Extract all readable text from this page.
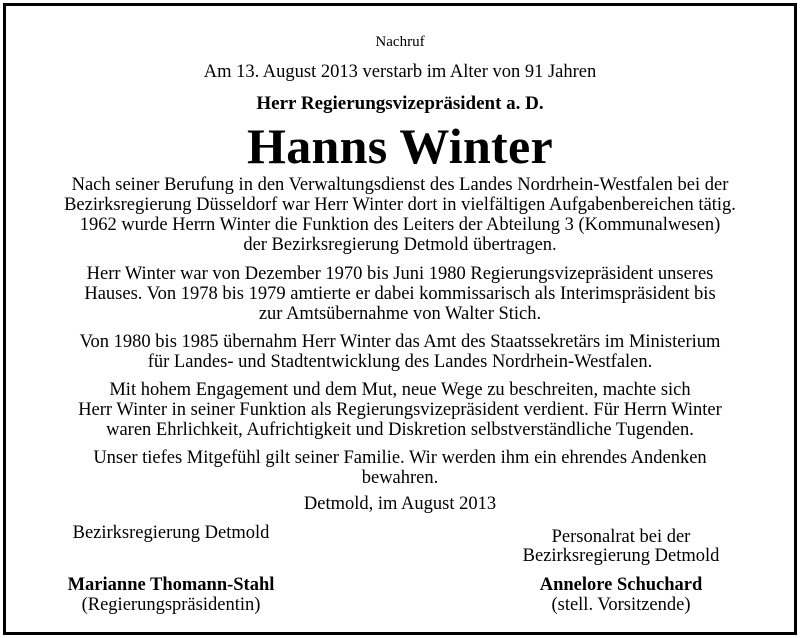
Nachruf
Am 13. August 2013 verstarb im Alter von 91 Jahren
Herr Regierungsvizepräsident a. D.
Hanns Winter
Nach seiner Berufung in den Verwaltungsdienst des Landes Nordrhein-Westfalen bei der
Bezirksregierung Düsseldorf war Herr Winter dort in vielfältigen Aufgabenbereichen tätig.
1962 wurde Herrn Winter die Funktion des Leiters der Abteilung 3 (Kommunalwesen)
der Bezirksregierung Detmold übertragen.
Herr Winter war von Dezember 1970 bis Juni 1980 Regierungsvizepräsident unseres
Hauses. Von 1978 bis 1979 amtierte er dabei kommissarisch als Interimspräsident bis
zur Amtsübernahme von Walter Stich.
Von 1980 bis 1985 übernahm Herr Winter das Amt des Staatssekretärs im Ministerium
für Landes- und Stadtentwicklung des Landes Nordrhein-Westfalen.
Mit hohem Engagement und dem Mut, neue Wege zu beschreiten, machte sich
Herr Winter in seiner Funktion als Regierungsvizepräsident verdient. Für Herrn Winter
waren Ehrlichkeit, Aufrichtigkeit und Diskretion selbstverständliche Tugenden.
Unser tiefes Mitgefühl gilt seiner Familie. Wir werden ihm ein ehrendes Andenken
bewahren.
Detmold, im August 2013
Bezirksregierung Detmold
Marianne Thomann-Stahl
(Regierungspräsidentin)
Personalrat bei der
Bezirksregierung Detmold
Annelore Schuchard
(stell. Vorsitzende)
